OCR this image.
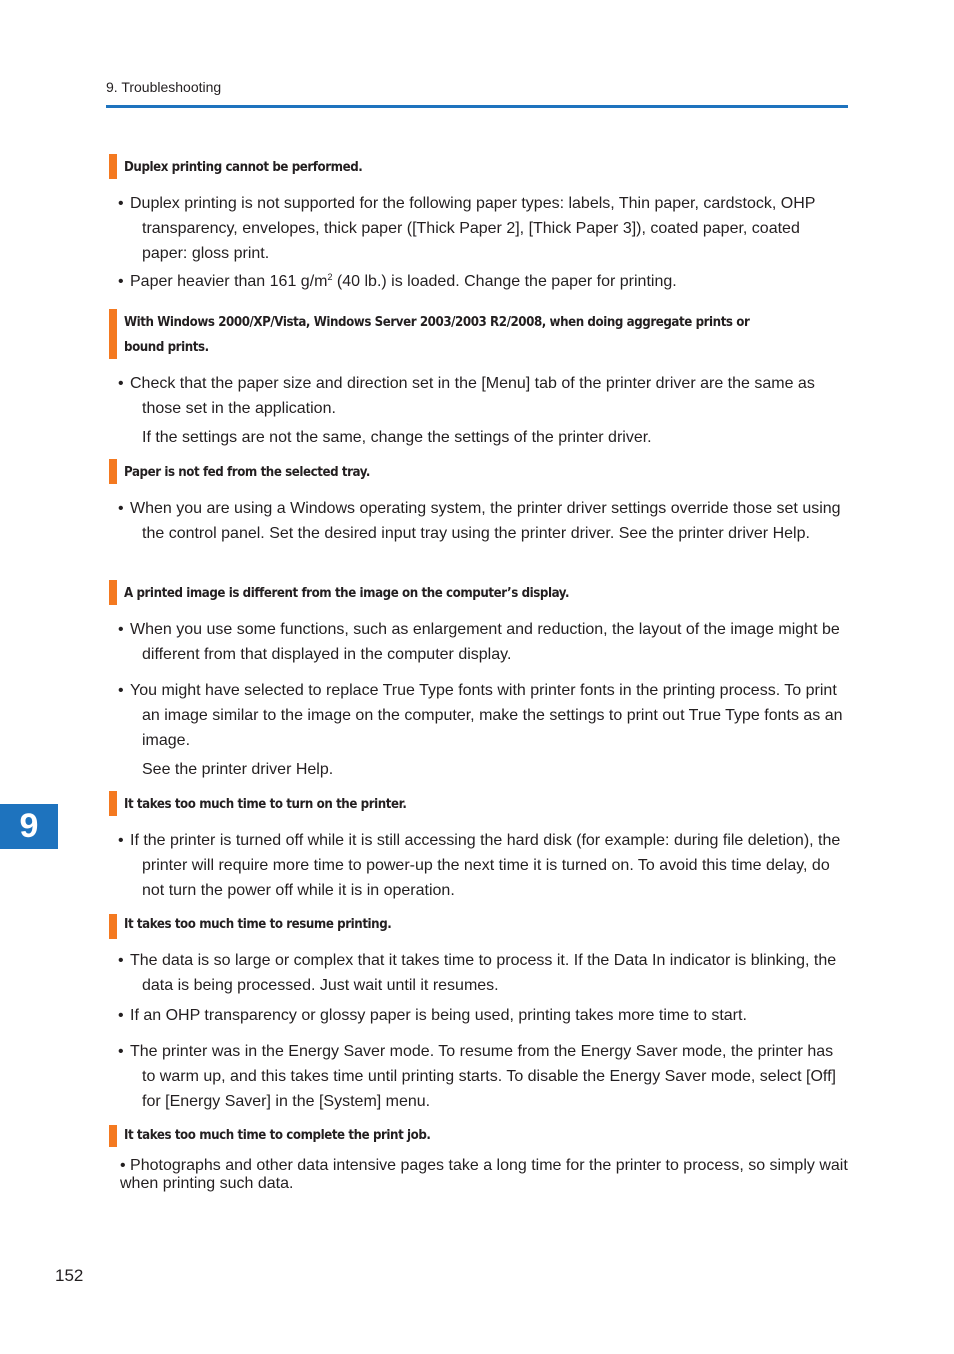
9. Troubleshooting
9
152
Duplex printing cannot be performed.
• Duplex printing is not supported for the following paper types: labels, Thin paper, cardstock, OHP transparency, envelopes, thick paper ([Thick Paper 2], [Thick Paper 3]), coated paper, coated paper: gloss print.
• Paper heavier than 161 $g/m^2$ (40 lb.) is loaded. Change the paper for printing.
With Windows 2000/XP/Vista, Windows Server 2003/2003 R2/2008, when doing aggregate prints or
bound prints.
• Check that the paper size and direction set in the [Menu] tab of the printer driver are the same as those set in the application.
If the settings are not the same, change the settings of the printer driver.
Paper is not fed from the selected tray.
• When you are using a Windows operating system, the printer driver settings override those set using the control panel. Set the desired input tray using the printer driver. See the printer driver Help.
A printed image is different from the image on the computer’s display.
• When you use some functions, such as enlargement and reduction, the layout of the image might be different from that displayed in the computer display.
• You might have selected to replace True Type fonts with printer fonts in the printing process. To print an image similar to the image on the computer, make the settings to print out True Type fonts as an image.
See the printer driver Help.
It takes too much time to turn on the printer.
• If the printer is turned off while it is still accessing the hard disk (for example: during file deletion), the printer will require more time to power-up the next time it is turned on. To avoid this time delay, do not turn the power off while it is in operation.
It takes too much time to resume printing.
• The data is so large or complex that it takes time to process it. If the Data In indicator is blinking, the data is being processed. Just wait until it resumes.
• If an OHP transparency or glossy paper is being used, printing takes more time to start.
• The printer was in the Energy Saver mode. To resume from the Energy Saver mode, the printer has to warm up, and this takes time until printing starts. To disable the Energy Saver mode, select [Off] for [Energy Saver] in the [System] menu.
It takes too much time to complete the print job.
• Photographs and other data intensive pages take a long time for the printer to process, so simply wait when printing such data.
